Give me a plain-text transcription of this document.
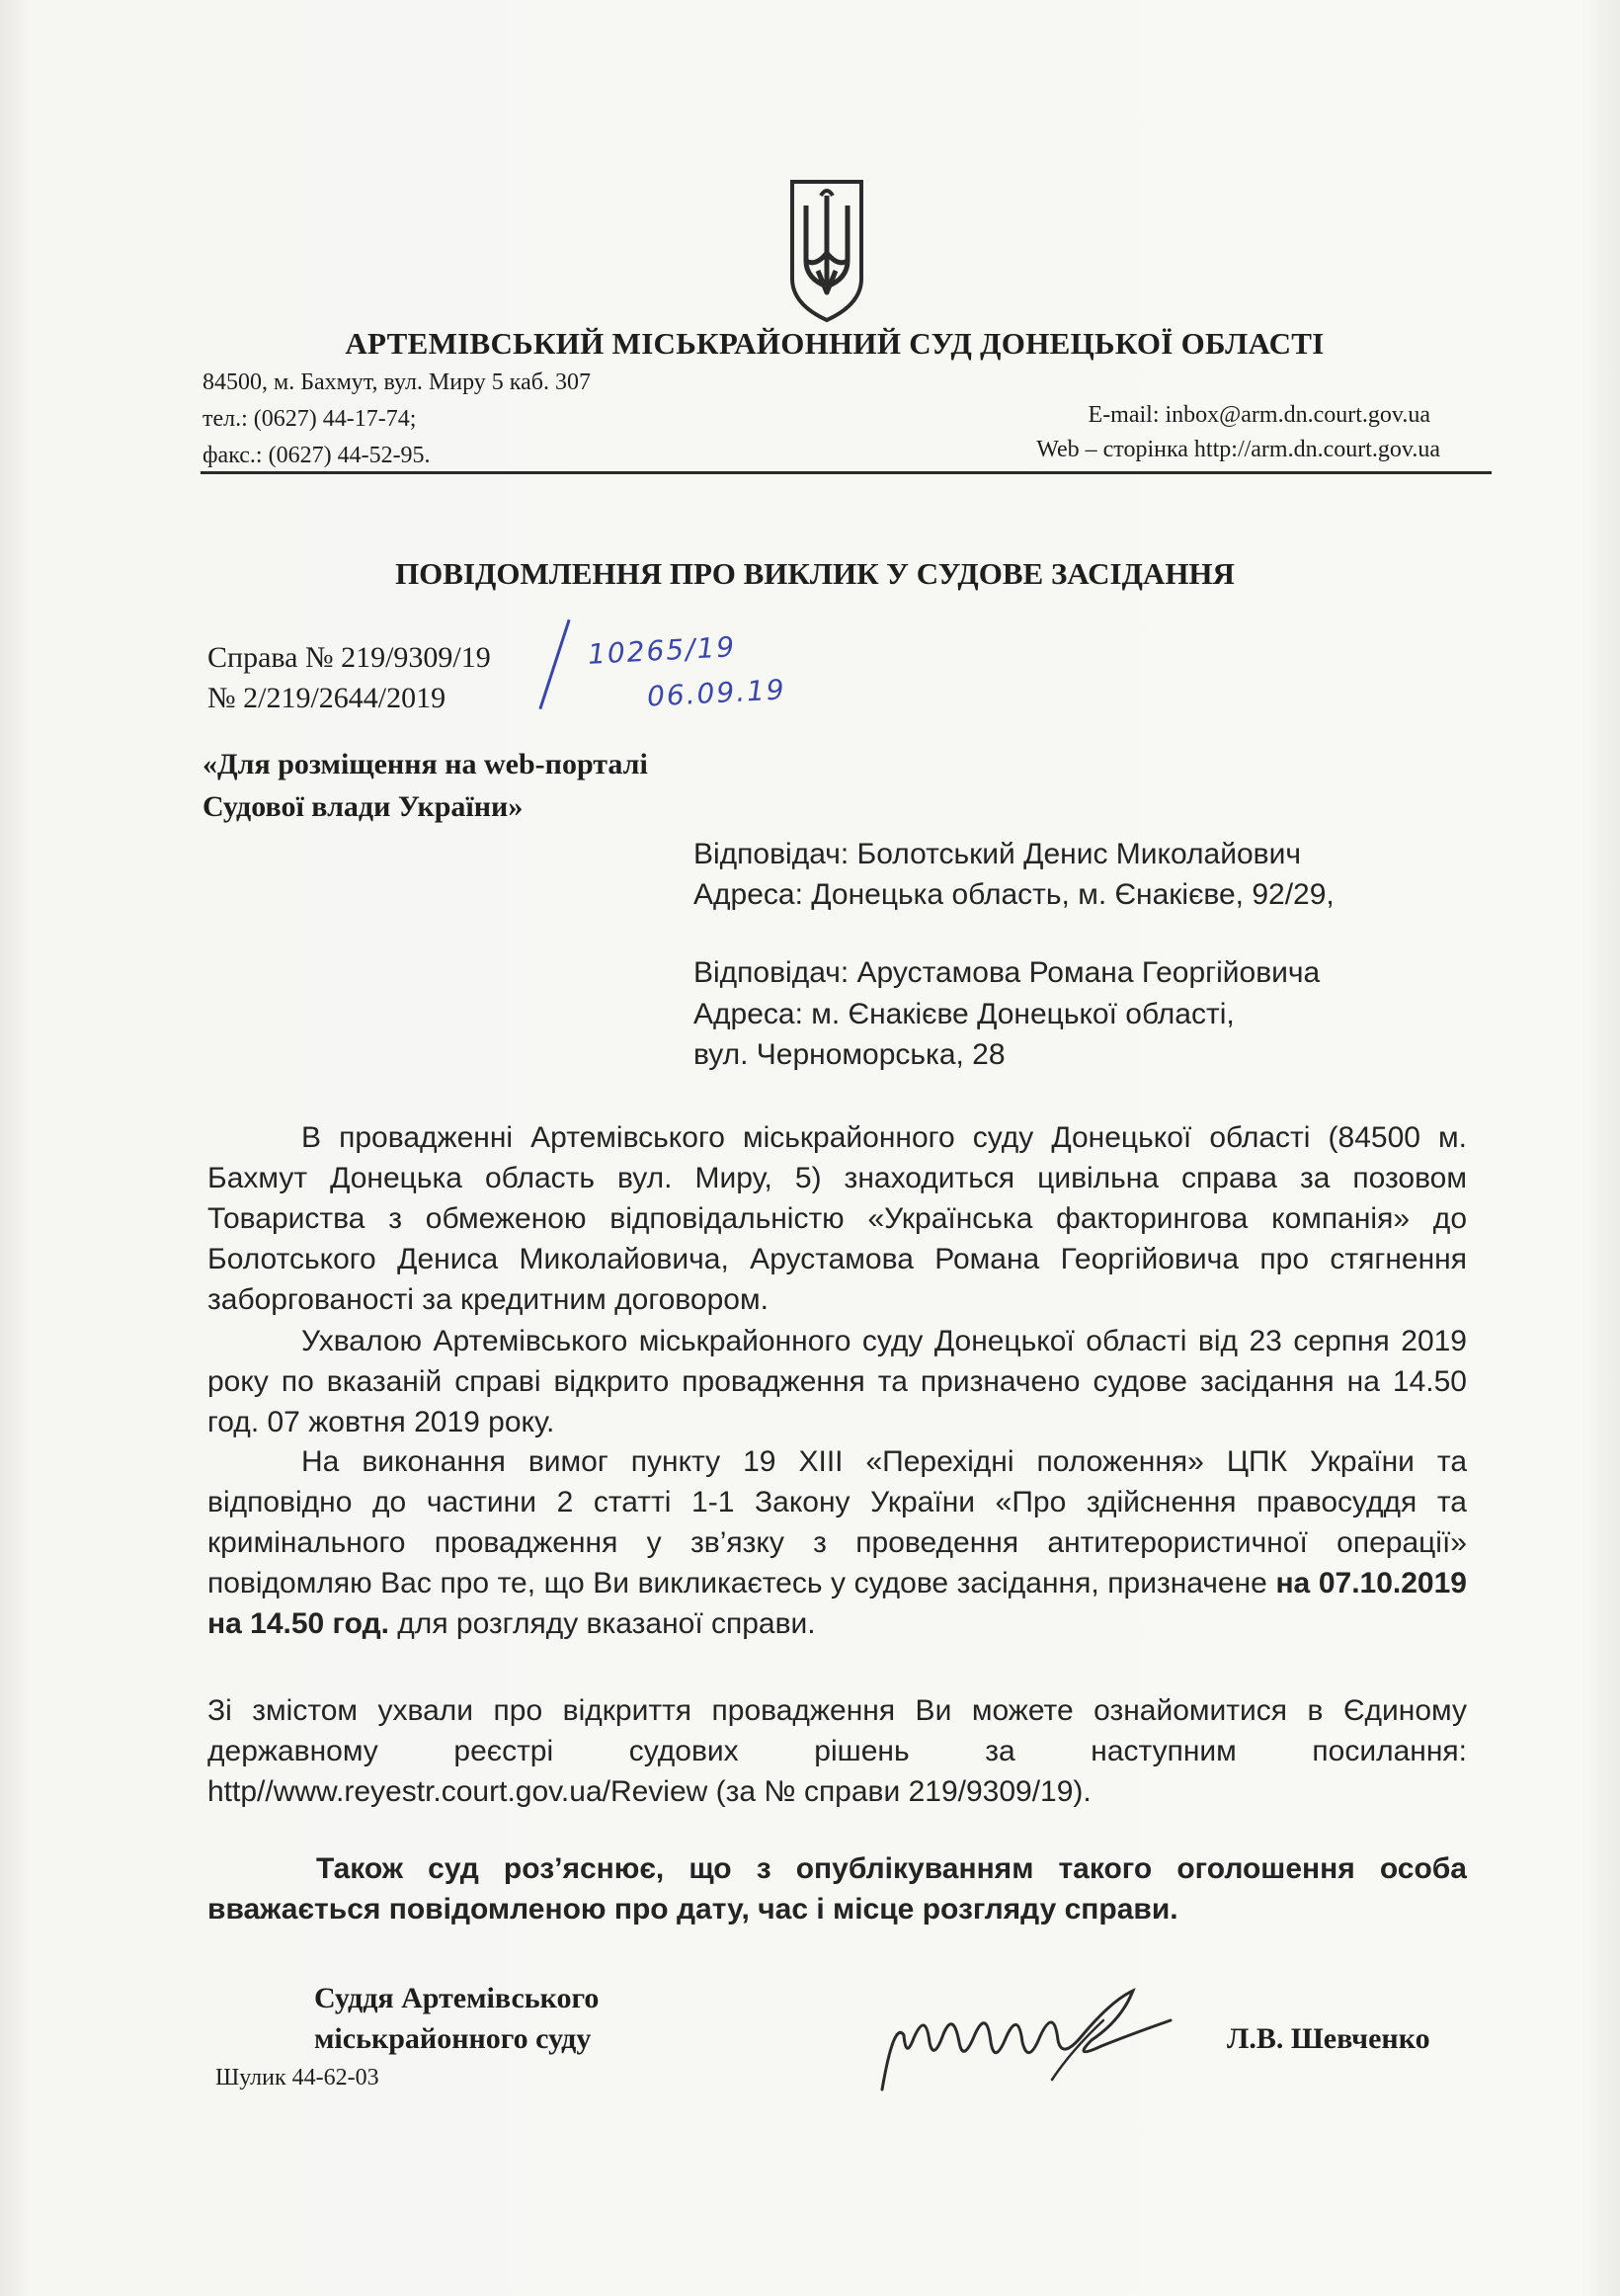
АРТЕМІВСЬКИЙ МІСЬКРАЙОННИЙ СУД ДОНЕЦЬКОЇ ОБЛАСТІ
84500, м. Бахмут, вул. Миру 5 каб. 307
тел.: (0627) 44-17-74;
факс.: (0627) 44-52-95.
E-mail: inbox@arm.dn.court.gov.ua
Web – сторінка http://arm.dn.court.gov.ua
ПОВІДОМЛЕННЯ ПРО ВИКЛИК У СУДОВЕ ЗАСІДАННЯ
Справа № 219/9309/19
№ 2/219/2644/2019
10265/19
06.09.19
«Для розміщення на web-порталі
Судової влади України»
Відповідач: Болотський Денис Миколайович
Адреса: Донецька область, м. Єнакієве, 92/29,
Відповідач: Арустамова Романа Георгійовича
Адреса: м. Єнакієве Донецької області,
вул. Черноморська, 28
В провадженні Артемівського міськрайонного суду Донецької області (84500 м. Бахмут Донецька область вул. Миру, 5) знаходиться цивільна справа за позовом Товариства з обмеженою відповідальністю «Українська факторингова компанія» до Болотського Дениса Миколайовича, Арустамова Романа Георгійовича про стягнення заборгованості за кредитним договором.
Ухвалою Артемівського міськрайонного суду Донецької області від 23 серпня 2019 року по вказаній справі відкрито провадження та призначено судове засідання на 14.50 год. 07 жовтня 2019 року.
На виконання вимог пункту 19 ХІІІ «Перехідні положення» ЦПК України та відповідно до частини 2 статті 1-1 Закону України «Про здійснення правосуддя та кримінального провадження у зв’язку з проведення антитерористичної операції» повідомляю Вас про те, що Ви викликаєтесь у судове засідання, призначене на 07.10.2019 на 14.50 год. для розгляду вказаної справи.
Зі змістом ухвали про відкриття провадження Ви можете ознайомитися в Єдиному державному реєстрі судових рішень за наступним посилання: http//www.reyestr.court.gov.ua/Review (за № справи 219/9309/19).
Також суд роз’яснює, що з опублікуванням такого оголошення особа вважається повідомленою про дату, час і місце розгляду справи.
Суддя Артемівського
міськрайонного суду	Л.В. Шевченко
Шулик 44-62-03
